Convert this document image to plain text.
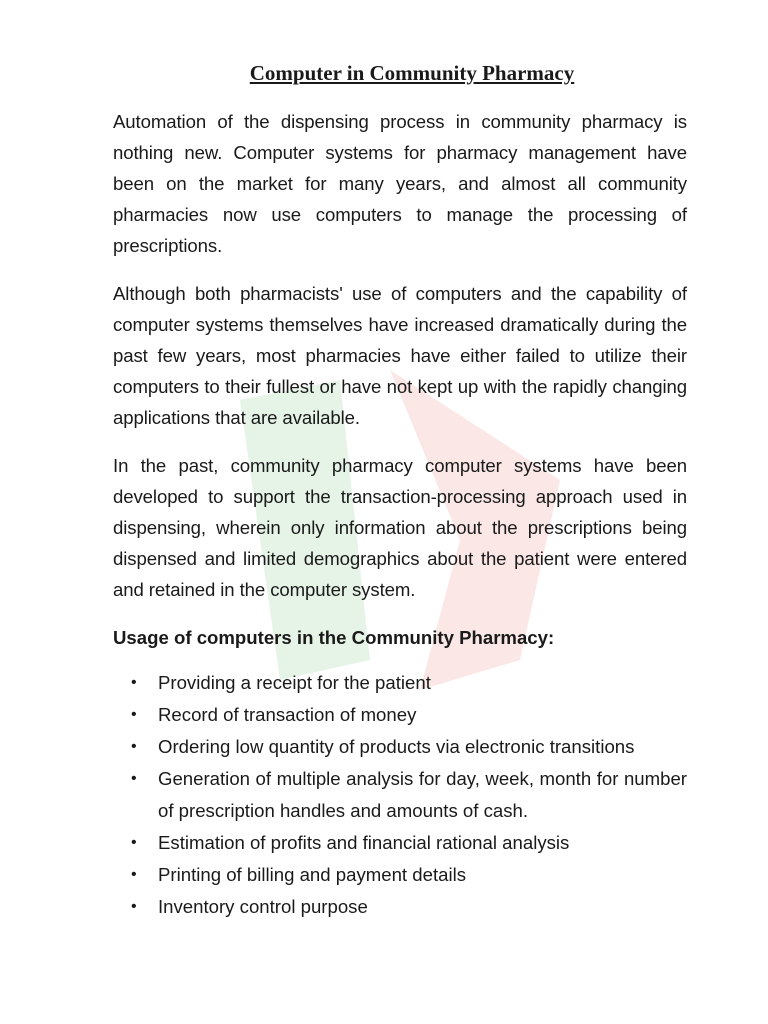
Computer in Community Pharmacy

Automation of the dispensing process in community pharmacy is nothing new. Computer systems for pharmacy management have been on the market for many years, and almost all community pharmacies now use computers to manage the processing of prescriptions.

Although both pharmacists' use of computers and the capability of computer systems themselves have increased dramatically during the past few years, most pharmacies have either failed to utilize their computers to their fullest or have not kept up with the rapidly changing applications that are available.

In the past, community pharmacy computer systems have been developed to support the transaction-processing approach used in dispensing, wherein only information about the prescriptions being dispensed and limited demographics about the patient were entered and retained in the computer system.

Usage of computers in the Community Pharmacy:
• Providing a receipt for the patient
• Record of transaction of money
• Ordering low quantity of products via electronic transitions
• Generation of multiple analysis for day, week, month for number of prescription handles and amounts of cash.
• Estimation of profits and financial rational analysis
• Printing of billing and payment details
• Inventory control purpose
